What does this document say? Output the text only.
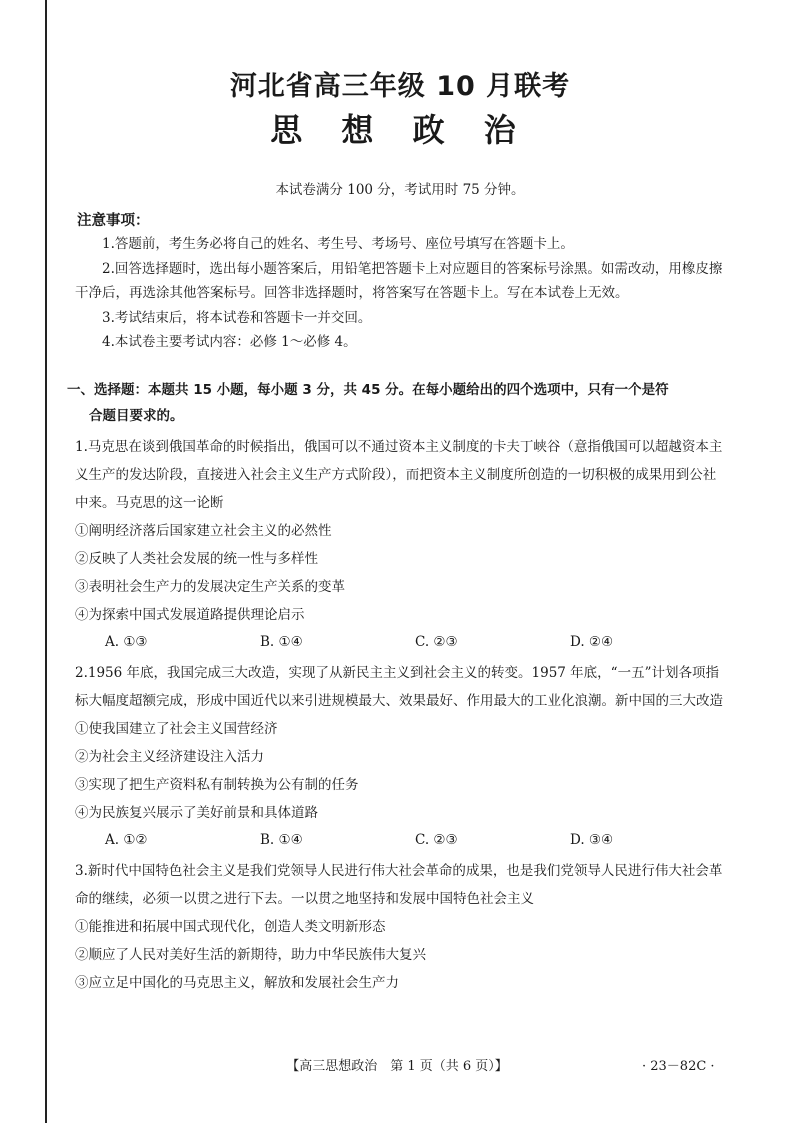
河北省高三年级 10 月联考
思 想 政 治
本试卷满分 100 分，考试用时 75 分钟。
注意事项：
1.答题前，考生务必将自己的姓名、考生号、考场号、座位号填写在答题卡上。
2.回答选择题时，选出每小题答案后，用铅笔把答题卡上对应题目的答案标号涂黑。如需改动，用橡皮擦干净后，再选涂其他答案标号。回答非选择题时，将答案写在答题卡上。写在本试卷上无效。
3.考试结束后，将本试卷和答题卡一并交回。
4.本试卷主要考试内容：必修 1～必修 4。
一、选择题：本题共 15 小题，每小题 3 分，共 45 分。在每小题给出的四个选项中，只有一个是符
合题目要求的。
1.马克思在谈到俄国革命的时候指出，俄国可以不通过资本主义制度的卡夫丁峡谷（意指俄国可以超越资本主义生产的发达阶段，直接进入社会主义生产方式阶段），而把资本主义制度所创造的一切积极的成果用到公社中来。马克思的这一论断
①阐明经济落后国家建立社会主义的必然性
②反映了人类社会发展的统一性与多样性
③表明社会生产力的发展决定生产关系的变革
④为探索中国式发展道路提供理论启示
A. ①③	B. ①④	C. ②③	D. ②④
2.1956 年底，我国完成三大改造，实现了从新民主主义到社会主义的转变。1957 年底，“一五”计划各项指标大幅度超额完成，形成中国近代以来引进规模最大、效果最好、作用最大的工业化浪潮。新中国的三大改造
①使我国建立了社会主义国营经济
②为社会主义经济建设注入活力
③实现了把生产资料私有制转换为公有制的任务
④为民族复兴展示了美好前景和具体道路
A. ①②	B. ①④	C. ②③	D. ③④
3.新时代中国特色社会主义是我们党领导人民进行伟大社会革命的成果，也是我们党领导人民进行伟大社会革命的继续，必须一以贯之进行下去。一以贯之地坚持和发展中国特色社会主义
①能推进和拓展中国式现代化，创造人类文明新形态
②顺应了人民对美好生活的新期待，助力中华民族伟大复兴
③应立足中国化的马克思主义，解放和发展社会生产力
【高三思想政治　第 1 页（共 6 页）】	· 23－82C ·
